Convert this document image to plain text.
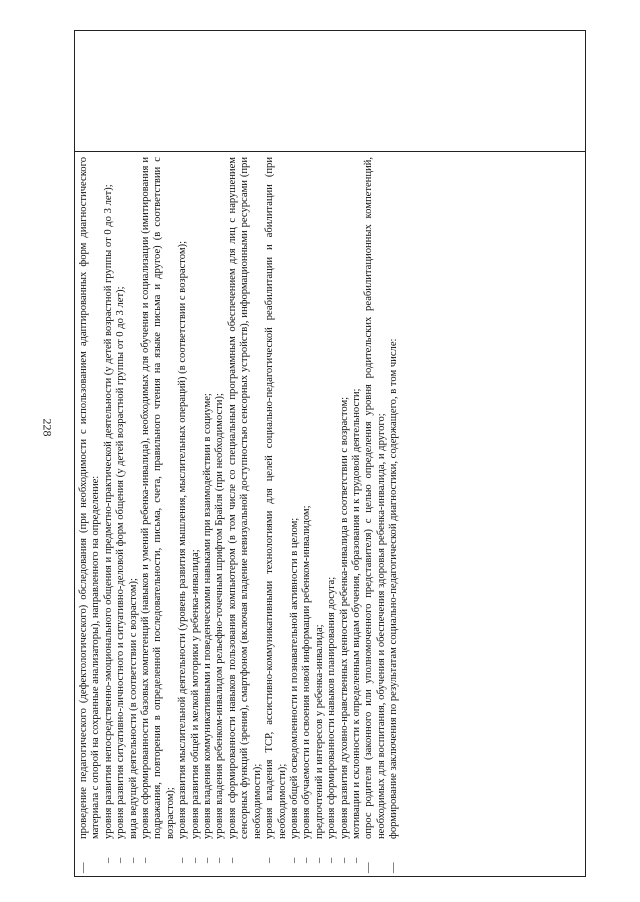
228
—
проведение педагогического (дефектологического) обследования (при необходимости с использованием адаптированных форм диагностического материала с опорой на сохранные анализаторы), направленного на определение:
–
уровня развития непосредственно-эмоционального общения и предметно-практической деятельности (у детей возрастной группы от 0 до 3 лет);
–
уровня развития ситуативно-личностного и ситуативно-деловой форм общения (у детей возрастной группы от 0 до 3 лет);
–
вида ведущей деятельности (в соответствии с возрастом);
–
уровня сформированности базовых компетенций (навыков и умений ребенка-инвалида), необходимых для обучения и социализации (имитирования и подражания, повторения в определенной последовательности, письма, счета, правильного чтения на языке письма и другое) (в соответствии с возрастом);
–
уровня развития мыслительной деятельности (уровень развития мышления, мыслительных операций) (в соответствии с возрастом);
–
уровня развития общей и мелкой моторики у ребенка-инвалида;
–
уровня владения коммуникативными и поведенческими навыками при взаимодействии в социуме;
–
уровня владения ребенком-инвалидом рельефно-точечным шрифтом Брайля (при необходимости);
–
уровня сформированности навыков пользования компьютером (в том числе со специальным программным обеспечением для лиц с нарушением сенсорных функций (зрения), смартфоном (включая владение невизуальной доступностью сенсорных устройств), информационными ресурсами (при необходимости);
–
уровня владения ТСР, ассистивно-коммуникативными технологиями для целей социально-педагогической реабилитации и абилитации (при необходимости);
–
уровня общей осведомленности и познавательной активности в целом;
–
уровня обучаемости и освоения новой информации ребенком-инвалидом;
–
предпочтений и интересов у ребенка-инвалида;
–
уровня сформированности навыков планирования досуга;
–
уровня развития духовно-нравственных ценностей ребенка-инвалида в соответствии с возрастом;
–
мотивации и склонности к определенным видам обучения, образования и к трудовой деятельности;
—
опрос родителя (законного или уполномоченного представителя) с целью определения уровня родительских реабилитационных компетенций, необходимых для воспитания, обучения и обеспечения здоровья ребенка-инвалида, и другого;
—
формирование заключения по результатам социально-педагогической диагностики, содержащего, в том числе:
